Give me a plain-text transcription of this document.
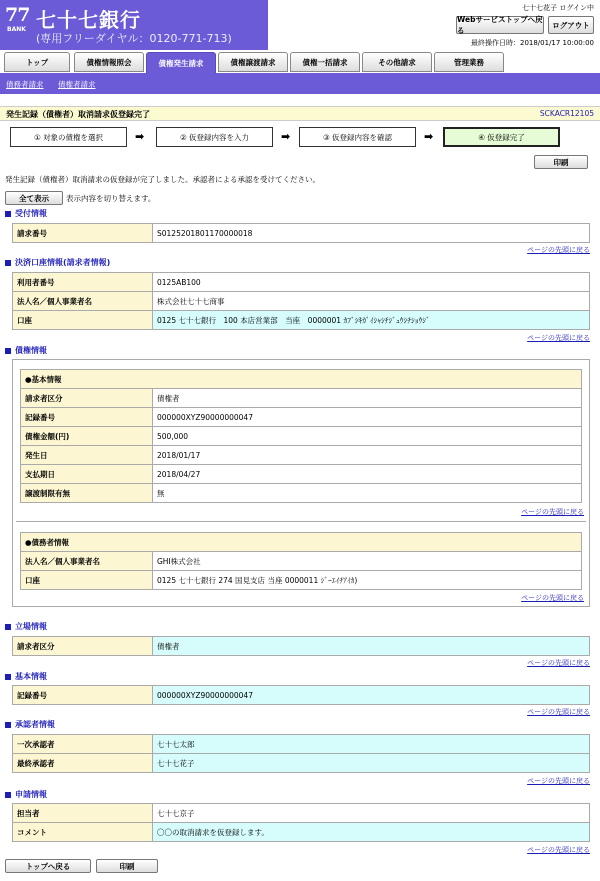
77
BANK 七十七銀行
(専用フリーダイヤル：0120-771-713)
七十七花子 ログイン中
Webサービストップへ戻る
ログアウト
最終操作日時：2018/01/17 10:00:00
トップ	債権情報照会	債権発生請求	債権譲渡請求	債権一括請求	その他請求	管理業務
債務者請求 債権者請求
発生記録（債権者）取消請求仮登録完了	SCKACR12105
① 対象の債権を選択	➡	② 仮登録内容を入力	➡	③ 仮登録内容を確認	➡	④ 仮登録完了
印刷
発生記録（債権者）取消請求の仮登録が完了しました。承認者による承認を受けてください。
全て表示	表示内容を切り替えます。
受付情報
請求番号	S0125201801170000018
ページの先頭に戻る
決済口座情報(請求者情報)
利用者番号	0125AB100
法人名／個人事業者名	株式会社七十七商事
口座	0125 七十七銀行　100 本店営業部　当座　0000001 ｶﾌﾞｼｷｶﾞｲｼｬｼﾁｼﾞｭｳｼﾁｼｮｳｼﾞ
ページの先頭に戻る
債権情報
●基本情報	
請求者区分	債権者
記録番号	000000XYZ90000000047
債権金額(円)	500,000
発生日	2018/01/17
支払期日	2018/04/27
譲渡制限有無	無
ページの先頭に戻る
●債務者情報	
法人名／個人事業者名	GHI株式会社
口座	0125 七十七銀行 274 国見支店 当座 0000011 ｼﾞｰｴｲﾁｱｲｶ)
ページの先頭に戻る
立場情報
請求者区分	債権者
ページの先頭に戻る
基本情報
記録番号	000000XYZ90000000047
ページの先頭に戻る
承認者情報
一次承認者	七十七太郎
最終承認者	七十七花子
ページの先頭に戻る
申請情報
担当者	七十七京子
コメント	〇〇の取消請求を仮登録します。
ページの先頭に戻る
トップへ戻る	印刷
